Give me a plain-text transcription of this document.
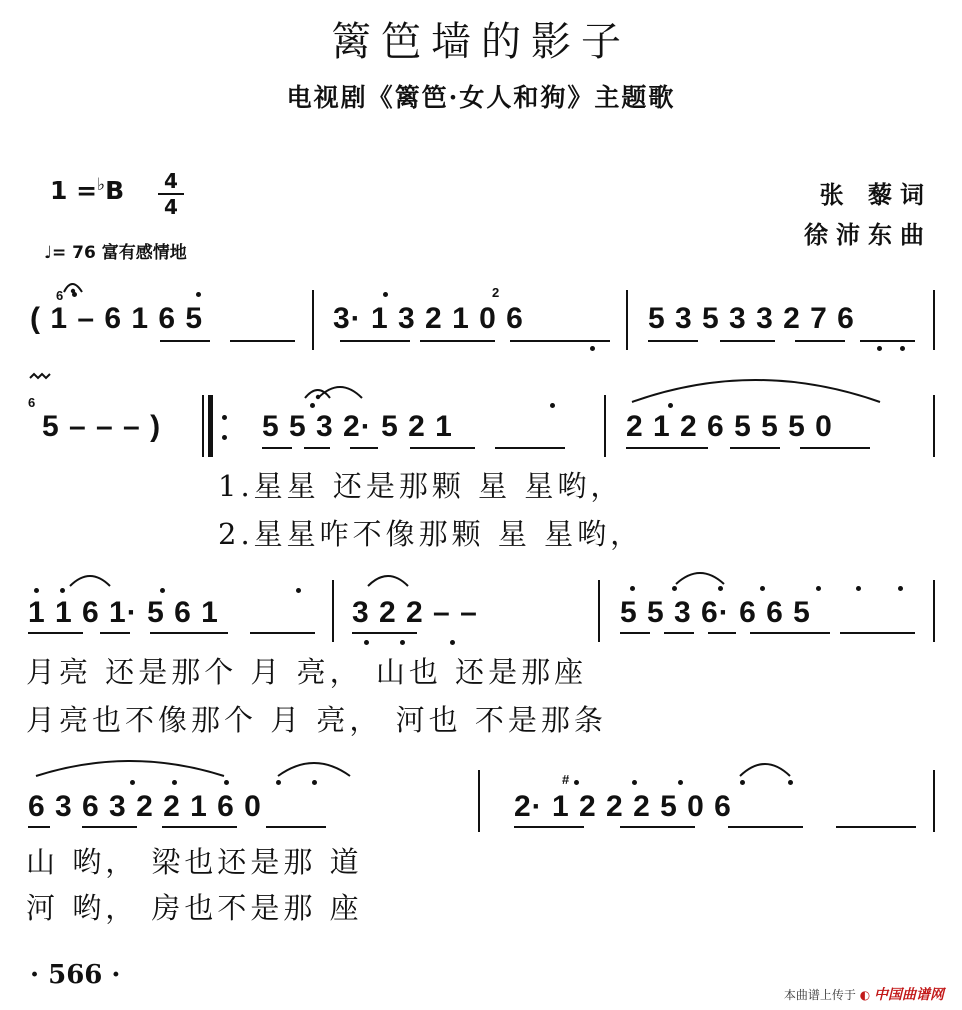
篱笆墙的影子
电视剧《篱笆·女人和狗》主题歌
1 =♭B	4
4
♩= 76 富有感情地
张 藜词
徐沛东曲
( 1 – 6 1 6 5	3· 1 3 2 1 0 6	5 3 5 3 3 2 7 6
6	2
6
5 – – – )	5 5 3 2· 5 2 1	2 1 2 6 5 5 5 0
1.星星 还是那颗 星 星哟，
2.星星咋不像那颗 星 星哟，
1 1 6 1· 5 6 1	3 2 2 – –	5 5 3 6· 6 6 5
月亮 还是那个 月 亮， 山也 还是那座
月亮也不像那个 月 亮， 河也 不是那条
6 3 6 3 2 2 1 6 0	2· 1 2 2 2 5 0 6
#
山 哟， 梁也还是那 道
河 哟， 房也不是那 座
· 566 ·
本曲谱上传于 ◐ 中国曲谱网
